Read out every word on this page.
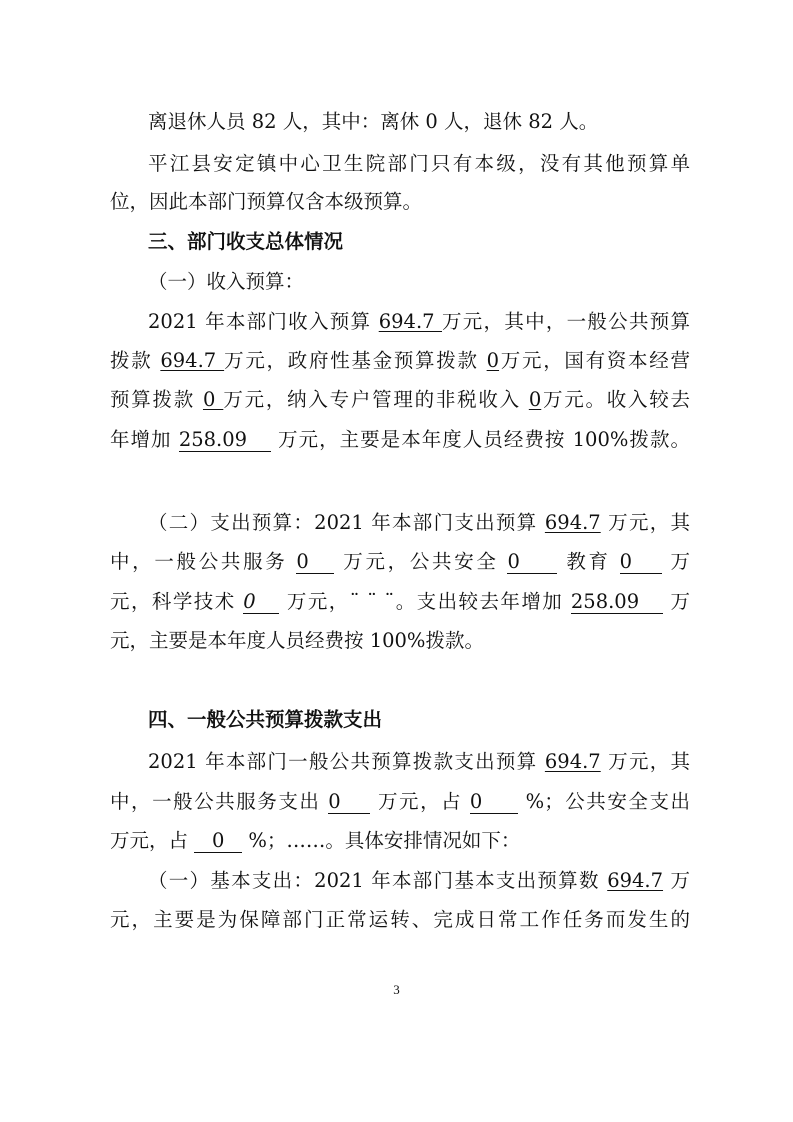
离退休人员 82 人，其中：离休 0 人，退休 82 人。
平江县安定镇中心卫生院部门只有本级，没有其他预算单
位，因此本部门预算仅含本级预算。
三、部门收支总体情况
（一）收入预算：
2021 年本部门收入预算 694.7 万元，其中，一般公共预算
拨款 694.7 万元，政府性基金预算拨款 0万元，国有资本经营
预算拨款 0 万元，纳入专户管理的非税收入 0万元。收入较去
年增加 258.09 万元，主要是本年度人员经费按 100%拨款。
（二）支出预算：2021 年本部门支出预算 694.7 万元，其
中，一般公共服务 0 万元，公共安全 0 教育 0 万
元，科学技术 0 万元，¨ ¨ ¨。支出较去年增加 258.09 万
元，主要是本年度人员经费按 100%拨款。
四、一般公共预算拨款支出
2021 年本部门一般公共预算拨款支出预算 694.7 万元，其
中，一般公共服务支出 0 万元，占 0 %；公共安全支出
万元，占 0 %；……。具体安排情况如下：
（一）基本支出：2021 年本部门基本支出预算数 694.7 万
元，主要是为保障部门正常运转、完成日常工作任务而发生的
3
